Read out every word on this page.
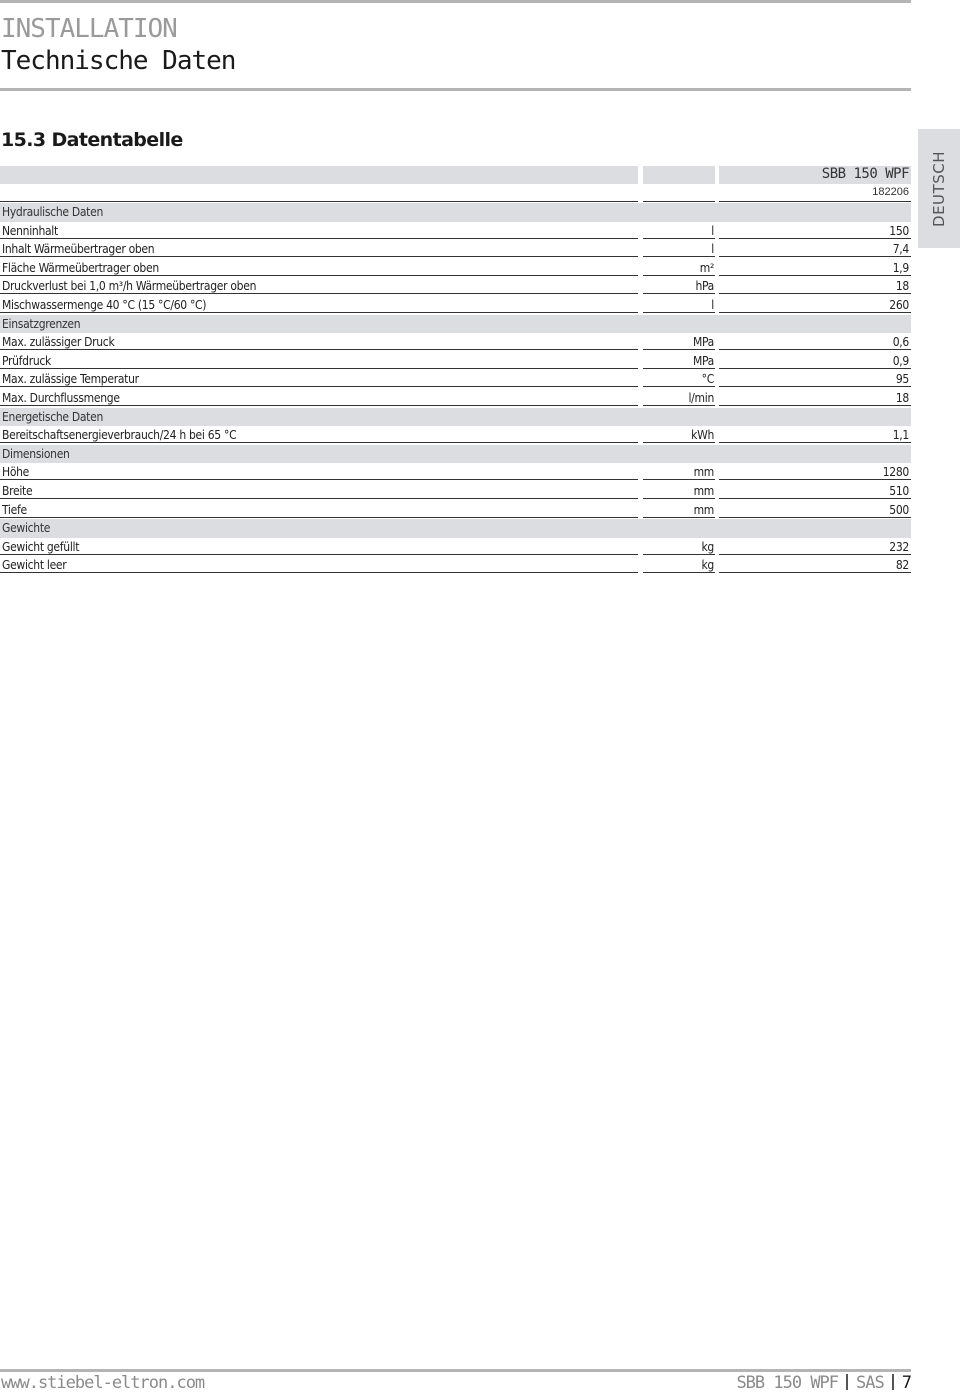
INSTALLATION
Technische Daten
15.3 Datentabelle
DEUTSCH
SBB 150 WPF
182206
Hydraulische Daten
Nenninhalt	l	150
Inhalt Wärmeübertrager oben	l	7,4
Fläche Wärmeübertrager oben	m²	1,9
Druckverlust bei 1,0 m³/h Wärmeübertrager oben	hPa	18
Mischwassermenge 40 °C (15 °C/60 °C)	l	260
Einsatzgrenzen
Max. zulässiger Druck	MPa	0,6
Prüfdruck	MPa	0,9
Max. zulässige Temperatur	°C	95
Max. Durchflussmenge	l/min	18
Energetische Daten
Bereitschaftsenergieverbrauch/24 h bei 65 °C	kWh	1,1
Dimensionen
Höhe	mm	1280
Breite	mm	510
Tiefe	mm	500
Gewichte
Gewicht gefüllt	kg	232
Gewicht leer	kg	82
www.stiebel-eltron.com	SBB 150 WPF SAS 7
